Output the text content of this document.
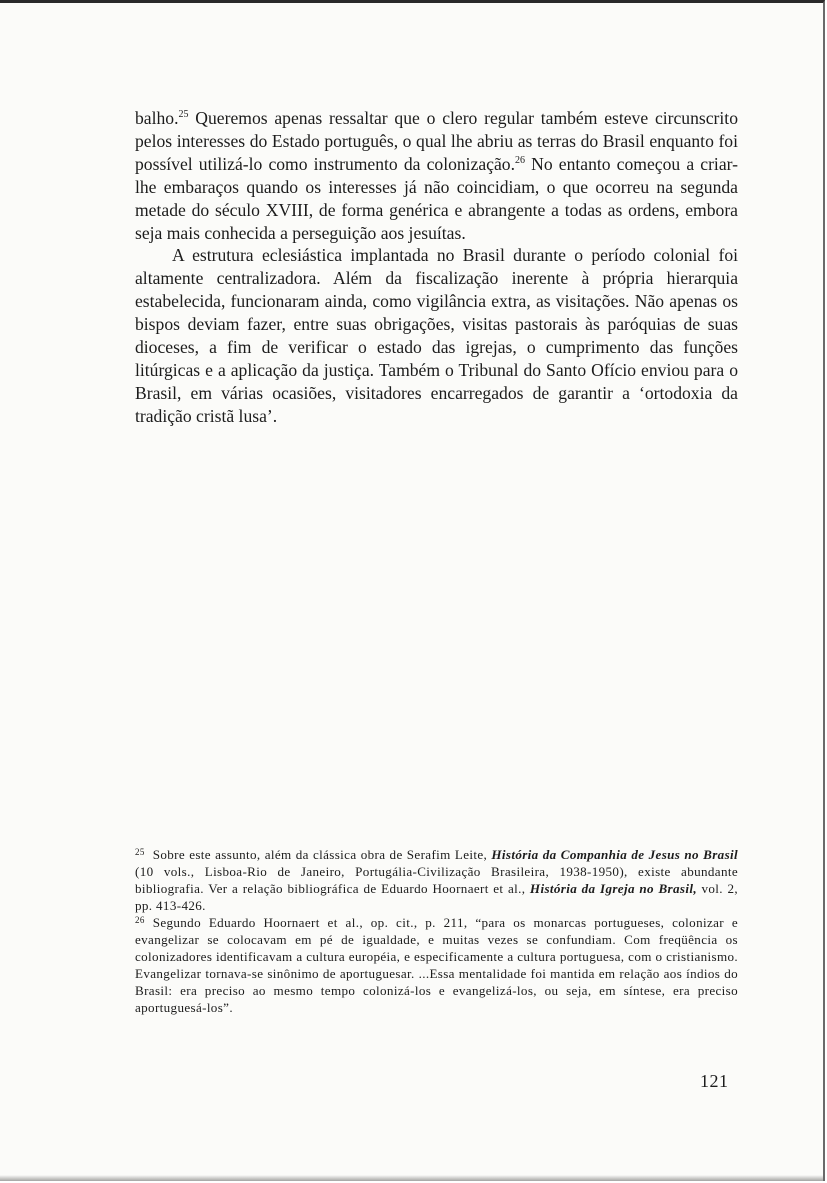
balho.$^{25}$ Queremos apenas ressaltar que o clero regular também esteve circunscrito pelos interesses do Estado português, o qual lhe abriu as terras do Brasil enquanto foi possível utilizá-lo como instrumento da colonização.$^{26}$ No entanto começou a criar-lhe embaraços quando os interesses já não coincidiam, o que ocorreu na segunda metade do século XVIII, de forma genérica e abrangente a todas as ordens, embora seja mais conhecida a perseguição aos jesuítas.

A estrutura eclesiástica implantada no Brasil durante o período colonial foi altamente centralizadora. Além da fiscalização inerente à própria hierarquia estabelecida, funcionaram ainda, como vigilância extra, as visitações. Não apenas os bispos deviam fazer, entre suas obrigações, visitas pastorais às paróquias de suas dioceses, a fim de verificar o estado das igrejas, o cumprimento das funções litúrgicas e a aplicação da justiça. Também o Tribunal do Santo Ofício enviou para o Brasil, em várias ocasiões, visitadores encarregados de garantir a ‘ortodoxia da tradição cristã lusa’.

$^{25}$ Sobre este assunto, além da clássica obra de Serafim Leite, História da Companhia de Jesus no Brasil (10 vols., Lisboa-Rio de Janeiro, Portugália-Civilização Brasileira, 1938-1950), existe abundante bibliografia. Ver a relação bibliográfica de Eduardo Hoornaert et al., História da Igreja no Brasil, vol. 2, pp. 413-426.

$^{26}$ Segundo Eduardo Hoornaert et al., op. cit., p. 211, “para os monarcas portugueses, colonizar e evangelizar se colocavam em pé de igualdade, e muitas vezes se confundiam. Com freqüência os colonizadores identificavam a cultura européia, e especificamente a cultura portuguesa, com o cristianismo. Evangelizar tornava-se sinônimo de aportuguesar. ...Essa mentalidade foi mantida em relação aos índios do Brasil: era preciso ao mesmo tempo colonizá-los e evangelizá-los, ou seja, em síntese, era preciso aportuguesá-los”.

121
